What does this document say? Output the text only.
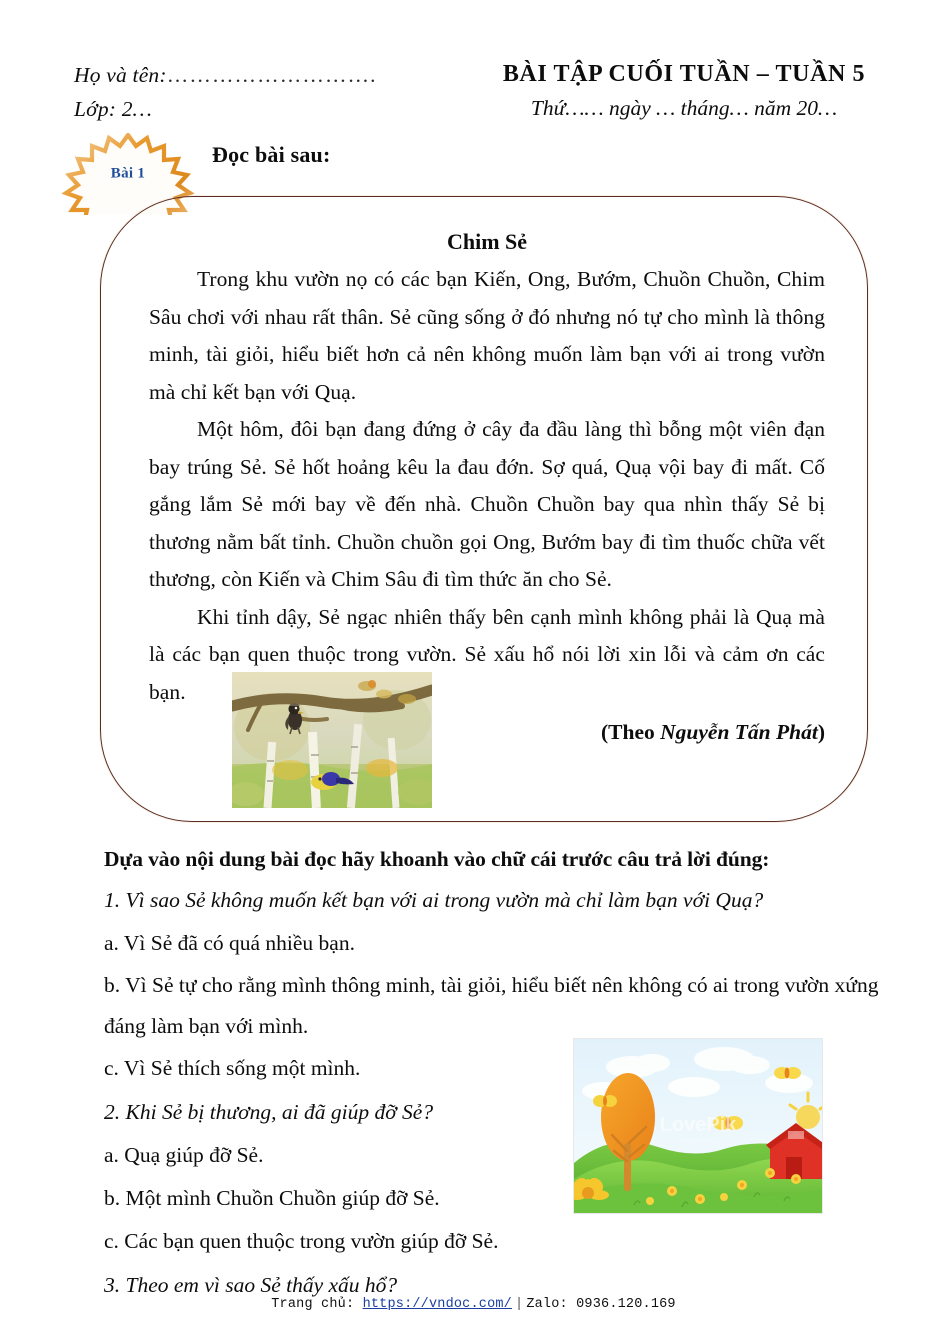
Họ và tên:……………………….
Lớp: 2…
BÀI TẬP CUỐI TUẦN – TUẦN 5
Thứ…… ngày … tháng… năm 20…
Bài 1
Đọc bài sau:
Chim Sẻ

Trong khu vườn nọ có các bạn Kiến, Ong, Bướm, Chuồn Chuồn, Chim Sâu chơi với nhau rất thân. Sẻ cũng sống ở đó nhưng nó tự cho mình là thông minh, tài giỏi, hiểu biết hơn cả nên không muốn làm bạn với ai trong vườn mà chỉ kết bạn với Quạ.

Một hôm, đôi bạn đang đứng ở cây đa đầu làng thì bỗng một viên đạn bay trúng Sẻ. Sẻ hốt hoảng kêu la đau đớn. Sợ quá, Quạ vội bay đi mất. Cố gắng lắm Sẻ mới bay về đến nhà. Chuồn Chuồn bay qua nhìn thấy Sẻ bị thương nằm bất tỉnh. Chuồn chuồn gọi Ong, Bướm bay đi tìm thuốc chữa vết thương, còn Kiến và Chim Sâu đi tìm thức ăn cho Sẻ.

Khi tỉnh dậy, Sẻ ngạc nhiên thấy bên cạnh mình không phải là Quạ mà là các bạn quen thuộc trong vườn. Sẻ xấu hổ nói lời xin lỗi và cảm ơn các bạn.

(Theo Nguyễn Tấn Phát)
Dựa vào nội dung bài đọc hãy khoanh vào chữ cái trước câu trả lời đúng:
1. Vì sao Sẻ không muốn kết bạn với ai trong vườn mà chỉ làm bạn với Quạ?
a. Vì Sẻ đã có quá nhiều bạn.
b. Vì Sẻ tự cho rằng mình thông minh, tài giỏi, hiểu biết nên không có ai trong vườn xứng đáng làm bạn với mình.
c. Vì Sẻ thích sống một mình.
2. Khi Sẻ bị thương, ai đã giúp đỡ Sẻ?
a. Quạ giúp đỡ Sẻ.
b. Một mình Chuồn Chuồn giúp đỡ Sẻ.
c. Các bạn quen thuộc trong vườn giúp đỡ Sẻ.
3. Theo em vì sao Sẻ thấy xấu hổ?
LovePik
lovepik.com
Trang chủ: https://vndoc.com/ | Zalo: 0936.120.169
